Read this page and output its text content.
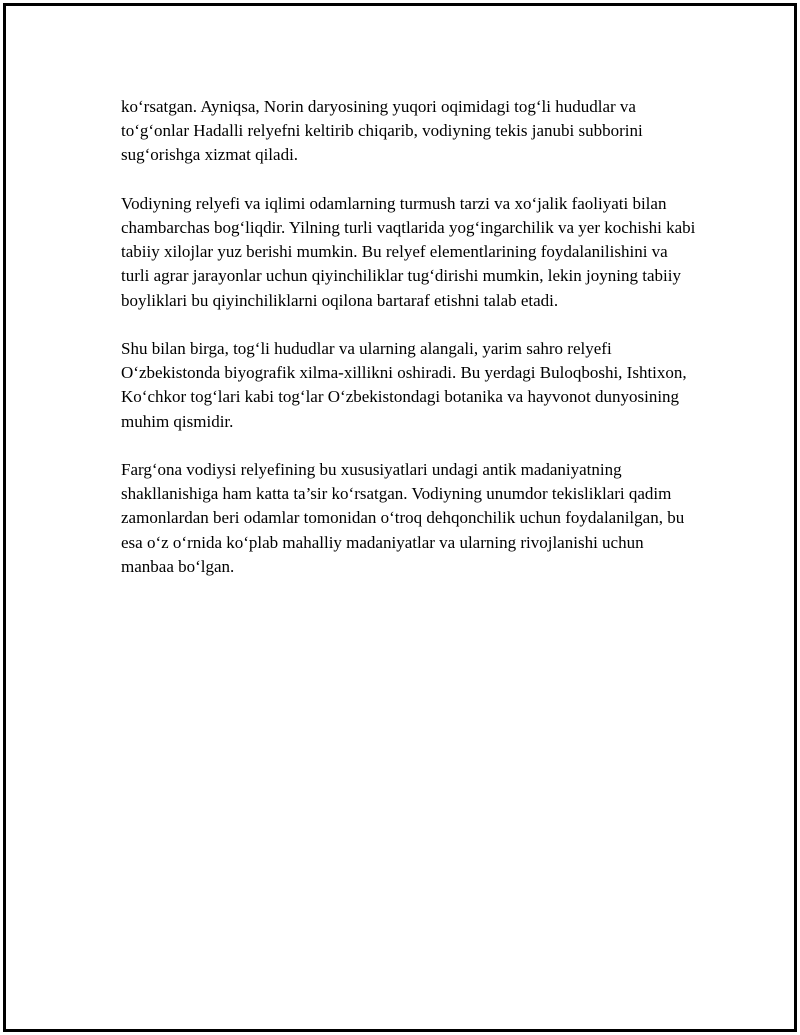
ko‘rsatgan. Ayniqsa, Norin daryosining yuqori oqimidagi tog‘li hududlar va to‘g‘onlar Hadalli relyefni keltirib chiqarib, vodiyning tekis janubi subborini sug‘orishga xizmat qiladi.

Vodiyning relyefi va iqlimi odamlarning turmush tarzi va xo‘jalik faoliyati bilan chambarchas bog‘liqdir. Yilning turli vaqtlarida yog‘ingarchilik va yer kochishi kabi tabiiy xilojlar yuz berishi mumkin. Bu relyef elementlarining foydalanilishini va turli agrar jarayonlar uchun qiyinchiliklar tug‘dirishi mumkin, lekin joyning tabiiy boyliklari bu qiyinchiliklarni oqilona bartaraf etishni talab etadi.

Shu bilan birga, tog‘li hududlar va ularning alangali, yarim sahro relyefi O‘zbekistonda biyografik xilma-xillikni oshiradi. Bu yerdagi Buloqboshi, Ishtixon, Ko‘chkor tog‘lari kabi tog‘lar O‘zbekistondagi botanika va hayvonot dunyosining muhim qismidir.

Farg‘ona vodiysi relyefining bu xususiyatlari undagi antik madaniyatning shakllanishiga ham katta ta’sir ko‘rsatgan. Vodiyning unumdor tekisliklari qadim zamonlardan beri odamlar tomonidan o‘troq dehqonchilik uchun foydalanilgan, bu esa o‘z o‘rnida ko‘plab mahalliy madaniyatlar va ularning rivojlanishi uchun manbaa bo‘lgan.
